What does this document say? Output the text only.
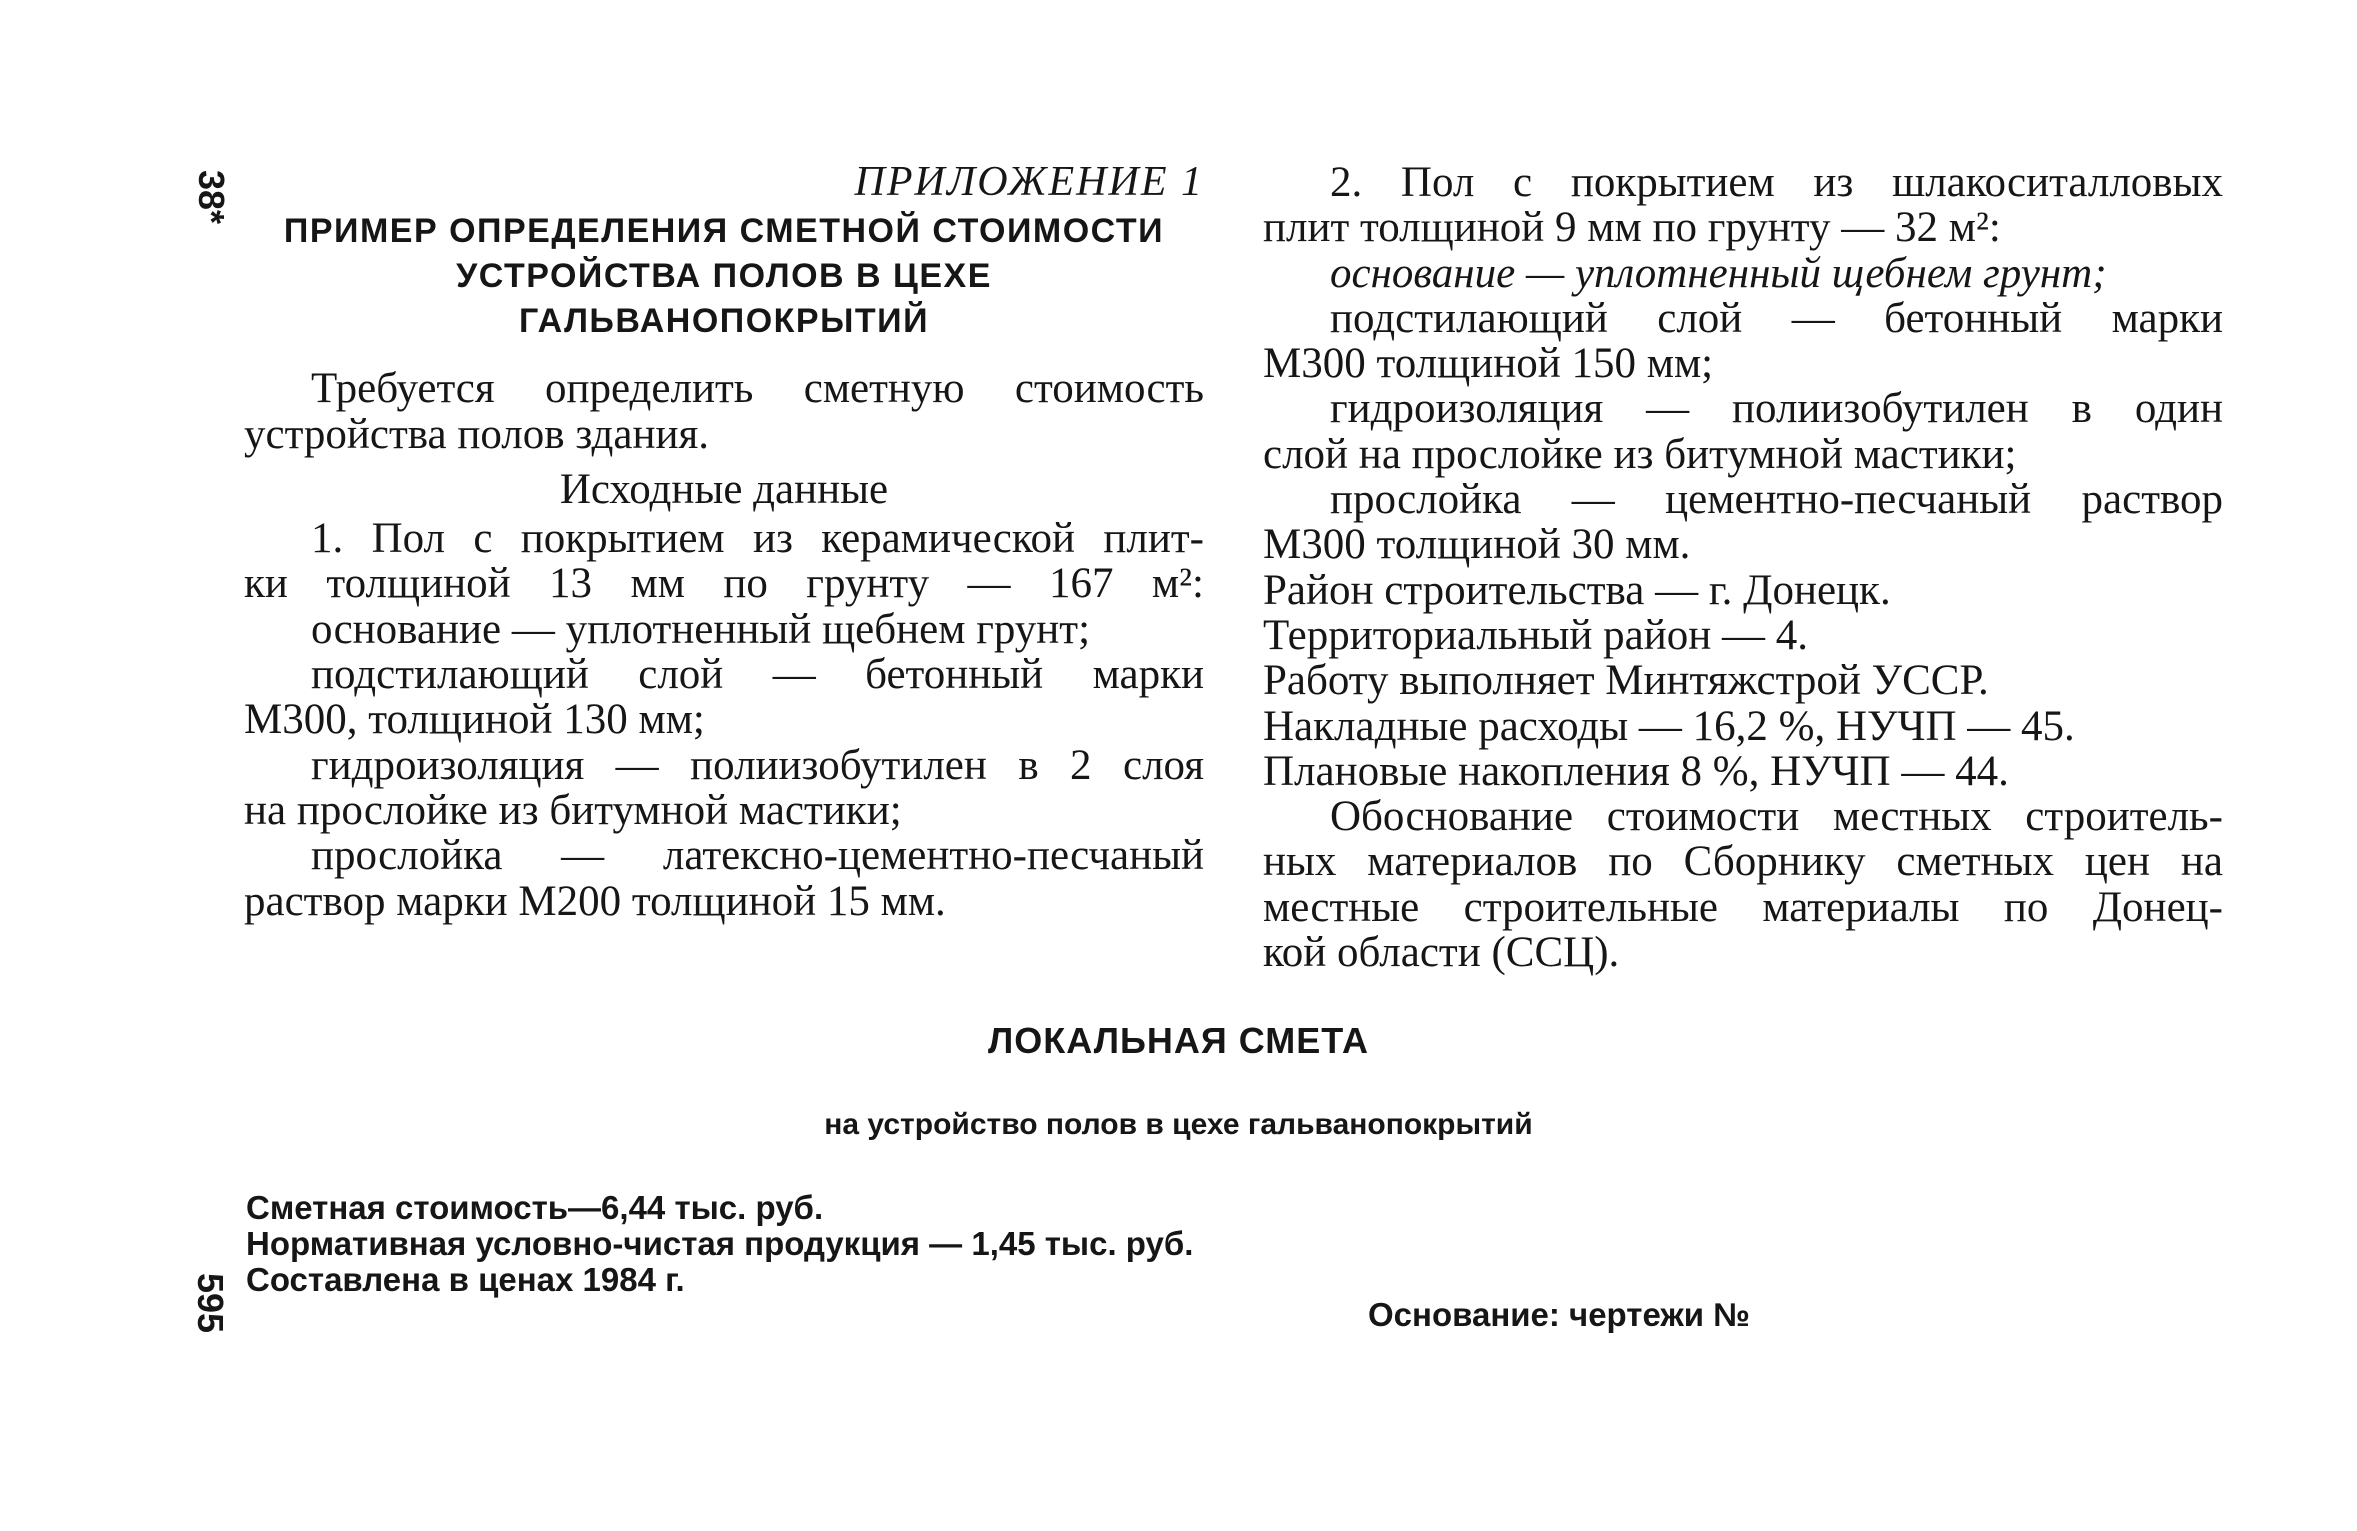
38*
595
ПРИЛОЖЕНИЕ 1
ПРИМЕР ОПРЕДЕЛЕНИЯ СМЕТНОЙ СТОИМОСТИ
УСТРОЙСТВА ПОЛОВ В ЦЕХЕ
ГАЛЬВАНОПОКРЫТИЙ
Требуется определить сметную стоимость
устройства полов здания.
Исходные данные
1. Пол с покрытием из керамической плит-
ки толщиной 13 мм по грунту — 167 м²:
основание — уплотненный щебнем грунт;
подстилающий слой — бетонный марки
М300, толщиной 130 мм;
гидроизоляция — полиизобутилен в 2 слоя
на прослойке из битумной мастики;
прослойка — латексно-цементно-песчаный
раствор марки М200 толщиной 15 мм.
2. Пол с покрытием из шлакоситалловых
плит толщиной 9 мм по грунту — 32 м²:
основание — уплотненный щебнем грунт;
подстилающий слой — бетонный марки
М300 толщиной 150 мм;
гидроизоляция — полиизобутилен в один
слой на прослойке из битумной мастики;
прослойка — цементно-песчаный раствор
М300 толщиной 30 мм.
Район строительства — г. Донецк.
Территориальный район — 4.
Работу выполняет Минтяжстрой УССР.
Накладные расходы — 16,2 %, НУЧП — 45.
Плановые накопления 8 %, НУЧП — 44.
Обоснование стоимости местных строитель-
ных материалов по Сборнику сметных цен на
местные строительные материалы по Донец-
кой области (ССЦ).
ЛОКАЛЬНАЯ СМЕТА
на устройство полов в цехе гальванопокрытий
Сметная стоимость—6,44 тыс. руб.
Нормативная условно-чистая продукция — 1,45 тыс. руб.
Составлена в ценах 1984 г.
Основание: чертежи №
